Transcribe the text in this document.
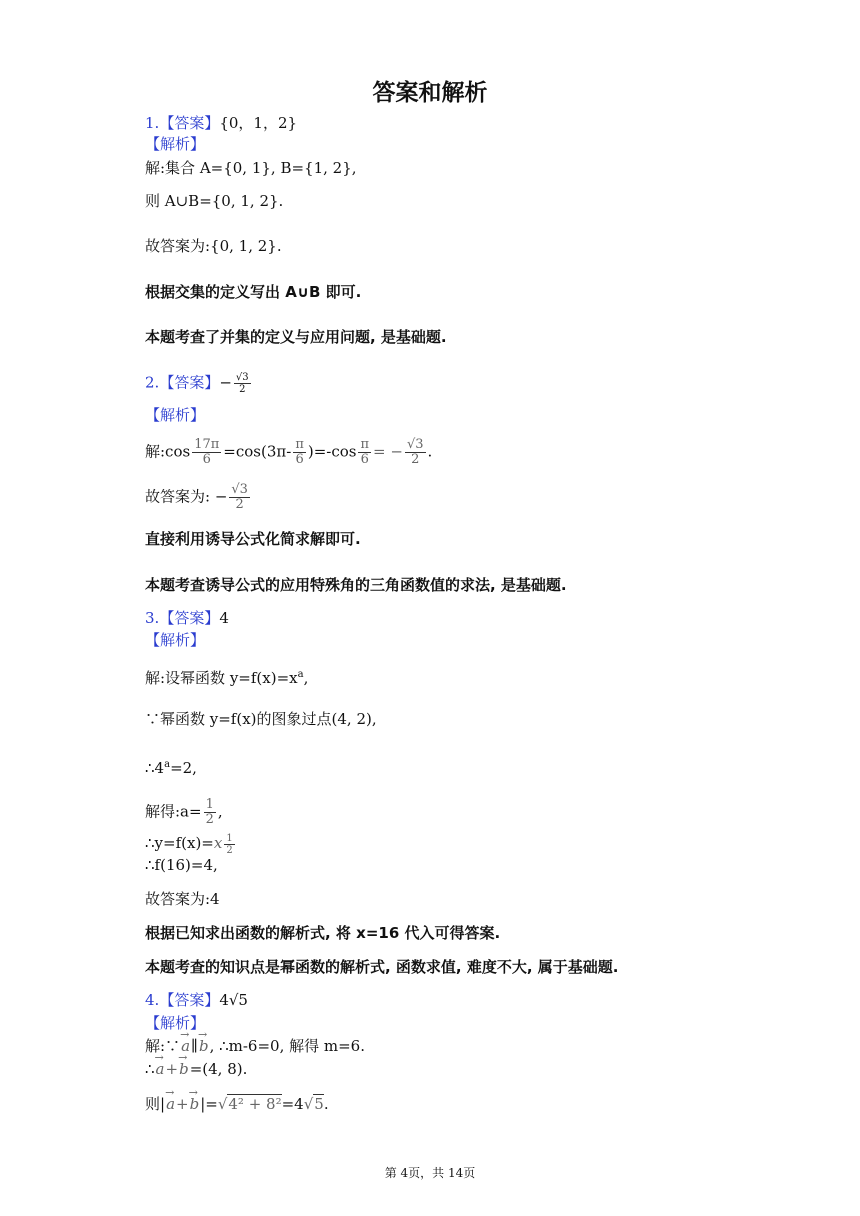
答案和解析
1.【答案】{0，1，2}
【解析】
解:集合 A={0, 1}, B={1, 2},
则 A∪B={0, 1, 2}.
故答案为:{0, 1, 2}.
根据交集的定义写出 A∪B 即可.
本题考查了并集的定义与应用问题, 是基础题.
2.【答案】− $\frac{√3}{2}$
【解析】
解:cos $\frac{17\pi}{6} =\cos(3\pi- \frac{\pi}{6} )=-\cos \frac{\pi}{6}$ = − $\frac{√3}{2}$ .
故答案为: − $\frac{√3}{2}$
直接利用诱导公式化简求解即可.
本题考查诱导公式的应用特殊角的三角函数值的求法, 是基础题.
3.【答案】4
【解析】
解:设幂函数 $y=f(x)=x^a$,
∵幂函数 y=f(x)的图象过点(4, 2),
$\therefore 4^a=2$,
解得:a= $\frac{1}{2}$ ,
∴y=f(x)=x $\frac{1}{2}$
∴f(16)=4,
故答案为:4
根据已知求出函数的解析式, 将 x=16 代入可得答案.
本题考查的知识点是幂函数的解析式, 函数求值, 难度不大, 属于基础题.
4.【答案】4√5
【解析】
解:∵→ a∥→ b, ∴m-6=0, 解得 m=6.
∴→ a+→ b=(4, 8).
则|→ a+→ b|=√4² + 8²=4√5.
第 4页，共 14页
